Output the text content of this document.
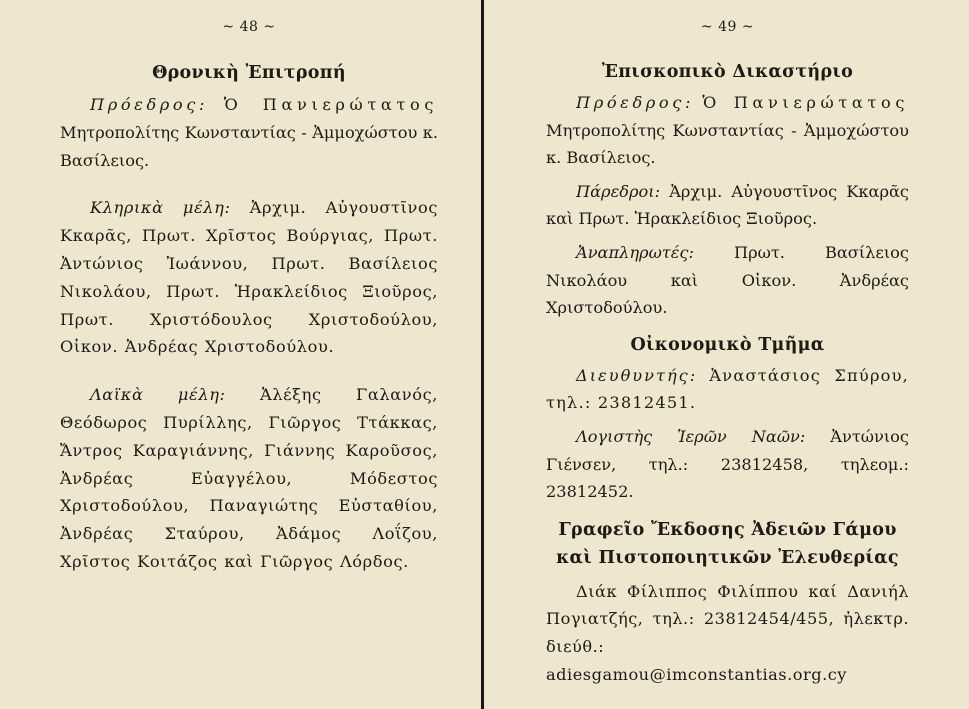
~ 48 ~
Θρονικὴ Ἐπιτροπή

Πρόεδρος: Ὁ Πανιερώτατος Μητροπολίτης Κωνσταντίας - Ἀμμοχώστου κ. Βασίλειος.

Κληρικὰ μέλη: Ἀρχιμ. Αὐγουστῖνος Κκαρᾶς, Πρωτ. Χρῖστος Βούργιας, Πρωτ. Ἀντώνιος Ἰωάννου, Πρωτ. Βασίλειος Νικολάου, Πρωτ. Ἡρακλείδιος Ξιοῦρος, Πρωτ. Χριστόδουλος Χριστοδούλου, Οἰκον. Ἀνδρέας Χριστοδούλου.

Λαϊκὰ μέλη: Ἀλέξης Γαλανός, Θεόδωρος Πυρίλλης, Γιῶργος Ττάκκας, Ἄντρος Καραγιάννης, Γιάννης Καροῦσος, Ἀνδρέας Εὐαγγέλου, Μόδεστος Χριστοδούλου, Παναγιώτης Εὐσταθίου, Ἀνδρέας Σταύρου, Ἀδάμος Λοΐζου, Χρῖστος Κοιτάζος καὶ Γιῶργος Λόρδος.

~ 49 ~
Ἐπισκοπικὸ Δικαστήριο

Πρόεδρος: Ὁ Πανιερώτατος Μητροπολίτης Κωνσταντίας - Ἀμμοχώστου κ. Βασίλειος.

Πάρεδροι: Ἀρχιμ. Αὐγουστῖνος Κκαρᾶς καὶ Πρωτ. Ἡρακλείδιος Ξιοῦρος.

Ἀναπληρωτές: Πρωτ. Βασίλειος Νικολάου καὶ Οἰκον. Ἀνδρέας Χριστοδούλου.

Οἰκονομικὸ Τμῆμα

Διευθυντής: Ἀναστάσιος Σπύρου, τηλ.: 23812451.

Λογιστὴς Ἱερῶν Ναῶν: Ἀντώνιος Γιένσεν, τηλ.: 23812458, τηλεομ.: 23812452.

Γραφεῖο Ἔκδοσης Ἀδειῶν Γάμου
καὶ Πιστοποιητικῶν Ἐλευθερίας

Διάκ Φίλιππος Φιλίππου καί Δανιήλ Πογιατζής, τηλ.: 23812454/455, ἠλεκτρ. διεύθ.: adiesgamou@imconstantias.org.cy
